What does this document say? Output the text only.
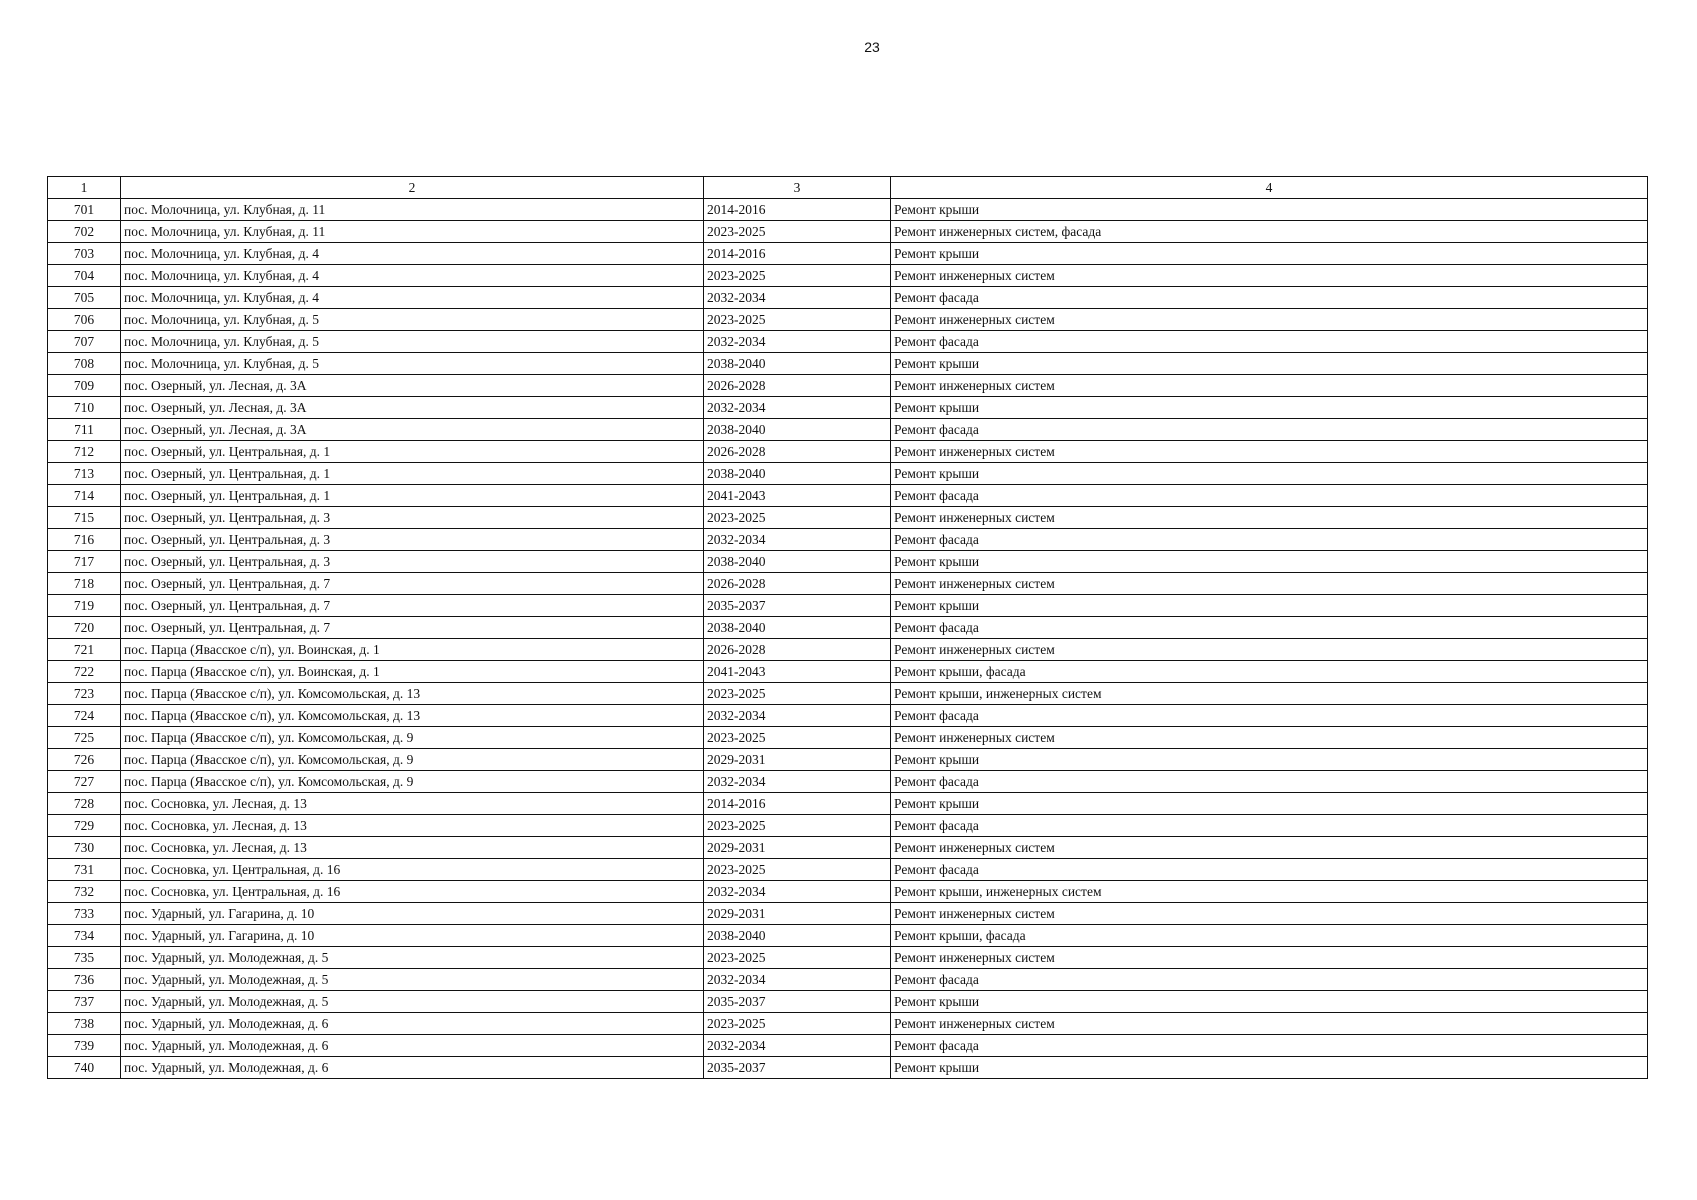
23
1	2	3	4
701	пос. Молочница, ул. Клубная, д. 11	2014-2016	Ремонт крыши
702	пос. Молочница, ул. Клубная, д. 11	2023-2025	Ремонт инженерных систем, фасада
703	пос. Молочница, ул. Клубная, д. 4	2014-2016	Ремонт крыши
704	пос. Молочница, ул. Клубная, д. 4	2023-2025	Ремонт инженерных систем
705	пос. Молочница, ул. Клубная, д. 4	2032-2034	Ремонт фасада
706	пос. Молочница, ул. Клубная, д. 5	2023-2025	Ремонт инженерных систем
707	пос. Молочница, ул. Клубная, д. 5	2032-2034	Ремонт фасада
708	пос. Молочница, ул. Клубная, д. 5	2038-2040	Ремонт крыши
709	пос. Озерный, ул. Лесная, д. 3А	2026-2028	Ремонт инженерных систем
710	пос. Озерный, ул. Лесная, д. 3А	2032-2034	Ремонт крыши
711	пос. Озерный, ул. Лесная, д. 3А	2038-2040	Ремонт фасада
712	пос. Озерный, ул. Центральная, д. 1	2026-2028	Ремонт инженерных систем
713	пос. Озерный, ул. Центральная, д. 1	2038-2040	Ремонт крыши
714	пос. Озерный, ул. Центральная, д. 1	2041-2043	Ремонт фасада
715	пос. Озерный, ул. Центральная, д. 3	2023-2025	Ремонт инженерных систем
716	пос. Озерный, ул. Центральная, д. 3	2032-2034	Ремонт фасада
717	пос. Озерный, ул. Центральная, д. 3	2038-2040	Ремонт крыши
718	пос. Озерный, ул. Центральная, д. 7	2026-2028	Ремонт инженерных систем
719	пос. Озерный, ул. Центральная, д. 7	2035-2037	Ремонт крыши
720	пос. Озерный, ул. Центральная, д. 7	2038-2040	Ремонт фасада
721	пос. Парца (Явасское с/п), ул. Воинская, д. 1	2026-2028	Ремонт инженерных систем
722	пос. Парца (Явасское с/п), ул. Воинская, д. 1	2041-2043	Ремонт крыши, фасада
723	пос. Парца (Явасское с/п), ул. Комсомольская, д. 13	2023-2025	Ремонт крыши, инженерных систем
724	пос. Парца (Явасское с/п), ул. Комсомольская, д. 13	2032-2034	Ремонт фасада
725	пос. Парца (Явасское с/п), ул. Комсомольская, д. 9	2023-2025	Ремонт инженерных систем
726	пос. Парца (Явасское с/п), ул. Комсомольская, д. 9	2029-2031	Ремонт крыши
727	пос. Парца (Явасское с/п), ул. Комсомольская, д. 9	2032-2034	Ремонт фасада
728	пос. Сосновка, ул. Лесная, д. 13	2014-2016	Ремонт крыши
729	пос. Сосновка, ул. Лесная, д. 13	2023-2025	Ремонт фасада
730	пос. Сосновка, ул. Лесная, д. 13	2029-2031	Ремонт инженерных систем
731	пос. Сосновка, ул. Центральная, д. 16	2023-2025	Ремонт фасада
732	пос. Сосновка, ул. Центральная, д. 16	2032-2034	Ремонт крыши, инженерных систем
733	пос. Ударный, ул. Гагарина, д. 10	2029-2031	Ремонт инженерных систем
734	пос. Ударный, ул. Гагарина, д. 10	2038-2040	Ремонт крыши, фасада
735	пос. Ударный, ул. Молодежная, д. 5	2023-2025	Ремонт инженерных систем
736	пос. Ударный, ул. Молодежная, д. 5	2032-2034	Ремонт фасада
737	пос. Ударный, ул. Молодежная, д. 5	2035-2037	Ремонт крыши
738	пос. Ударный, ул. Молодежная, д. 6	2023-2025	Ремонт инженерных систем
739	пос. Ударный, ул. Молодежная, д. 6	2032-2034	Ремонт фасада
740	пос. Ударный, ул. Молодежная, д. 6	2035-2037	Ремонт крыши
